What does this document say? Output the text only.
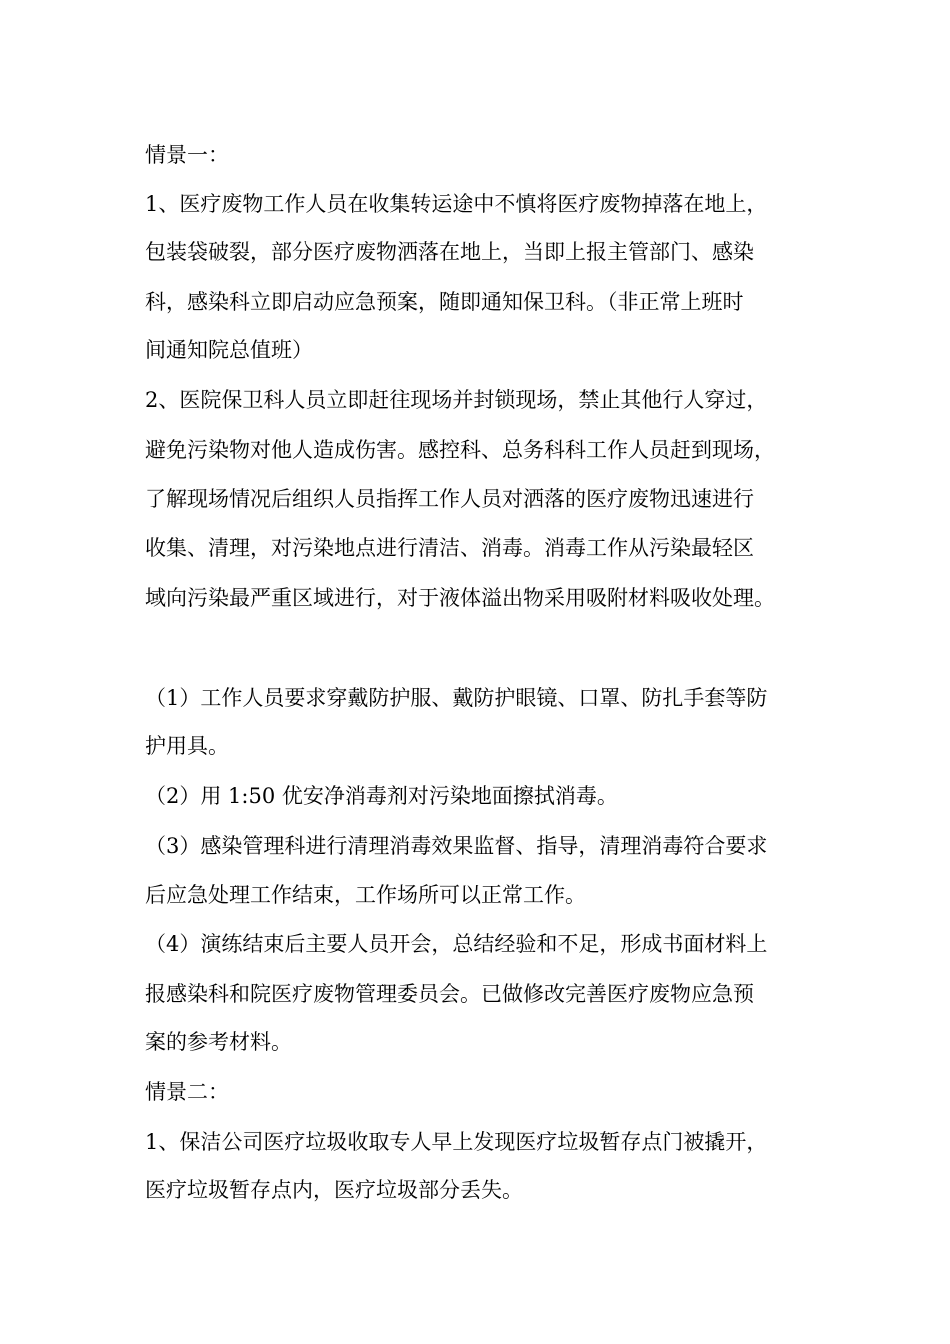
情景一：
1、医疗废物工作人员在收集转运途中不慎将医疗废物掉落在地上，
包装袋破裂，部分医疗废物洒落在地上，当即上报主管部门、感染
科，感染科立即启动应急预案，随即通知保卫科。（非正常上班时
间通知院总值班）
2、医院保卫科人员立即赶往现场并封锁现场，禁止其他行人穿过，
避免污染物对他人造成伤害。感控科、总务科科工作人员赶到现场，
了解现场情况后组织人员指挥工作人员对洒落的医疗废物迅速进行
收集、清理，对污染地点进行清洁、消毒。消毒工作从污染最轻区
域向污染最严重区域进行，对于液体溢出物采用吸附材料吸收处理。
（1）工作人员要求穿戴防护服、戴防护眼镜、口罩、防扎手套等防
护用具。
（2）用 1:50 优安净消毒剂对污染地面擦拭消毒。
（3）感染管理科进行清理消毒效果监督、指导，清理消毒符合要求
后应急处理工作结束，工作场所可以正常工作。
（4）演练结束后主要人员开会，总结经验和不足，形成书面材料上
报感染科和院医疗废物管理委员会。已做修改完善医疗废物应急预
案的参考材料。
情景二：
1、保洁公司医疗垃圾收取专人早上发现医疗垃圾暂存点门被撬开，
医疗垃圾暂存点内，医疗垃圾部分丢失。
